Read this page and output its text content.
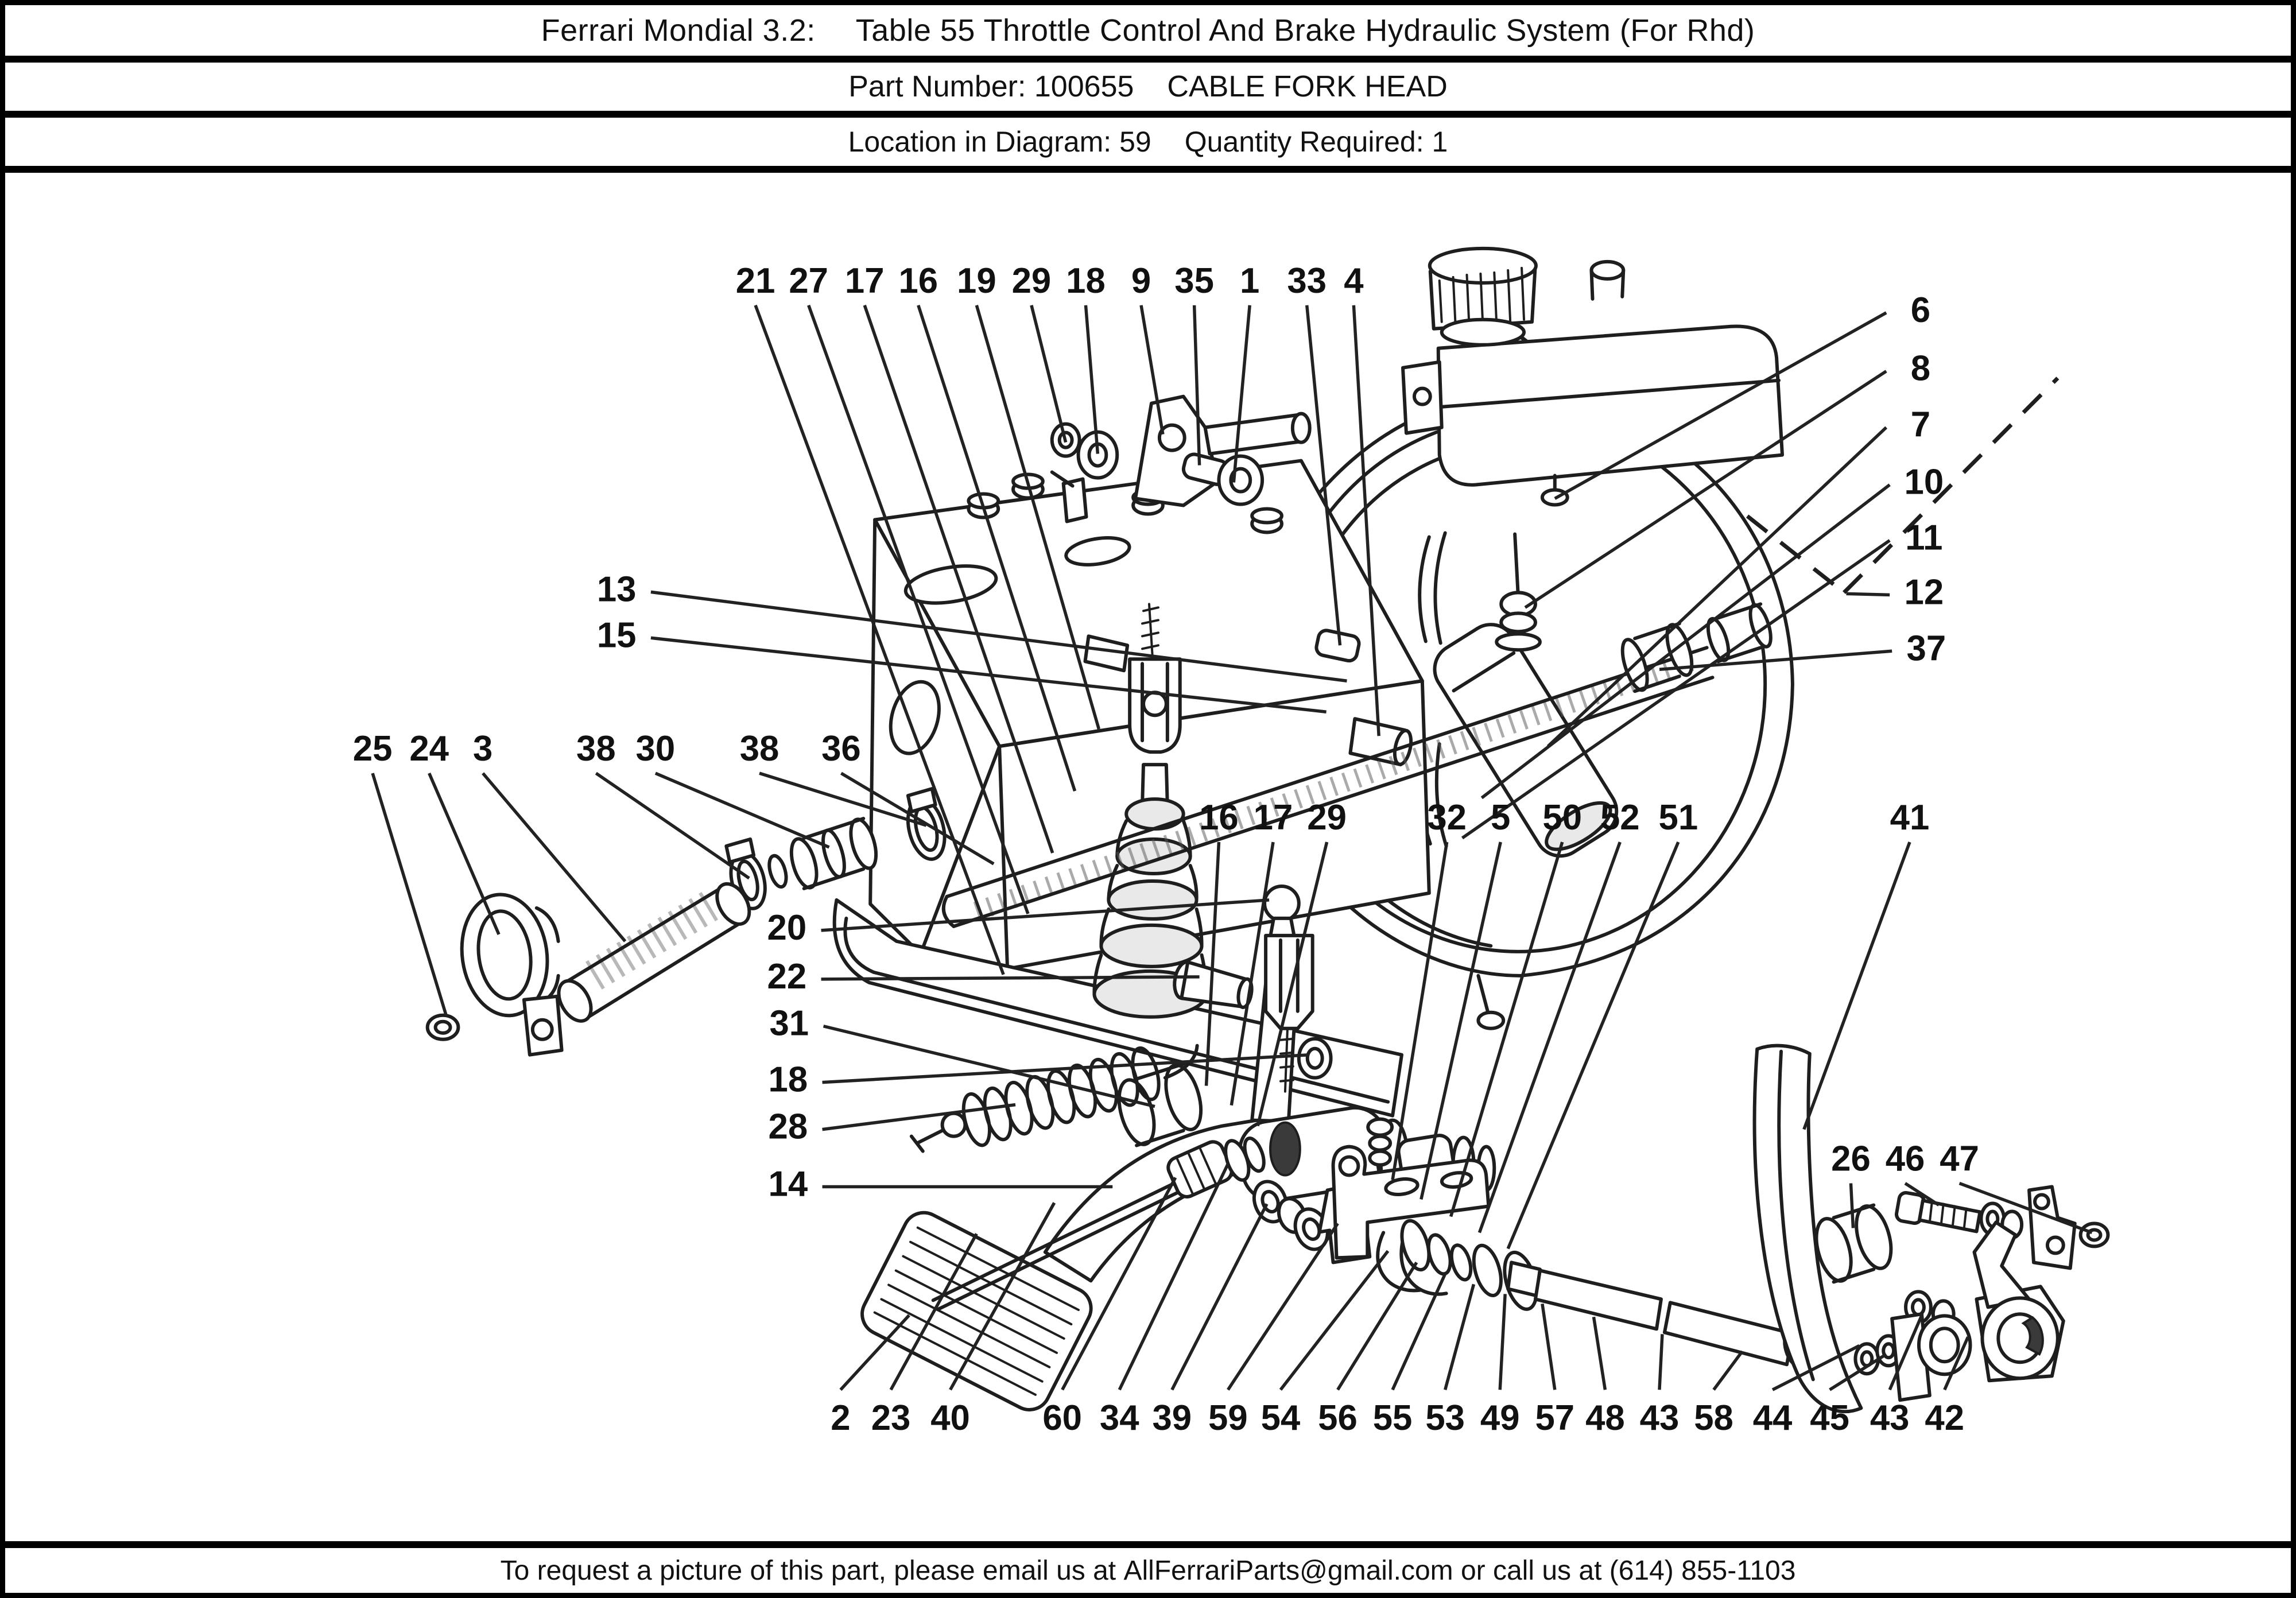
Ferrari Mondial 3.2: Table 55 Throttle Control And Brake Hydraulic System (For Rhd)
Part Number:
100655 CABLE FORK HEAD
Location in Diagram:
59 Quantity Required:
1
21 27 17 16 19 29 18 9 35 1 33 4
6
8
7
10
11
12
37
13
15
25 24 3 38 30 38 36
20
22
31
18
28
14
16 17 29 32 5 50 52 51	41
26 46 47
2 23 40 60 34 39 59 54 56 55 53 49 57 48 43 58 44 45 43 42
To request a picture of this part, please email us at AllFerrariParts@gmail.com or call us at (614) 855-1103
